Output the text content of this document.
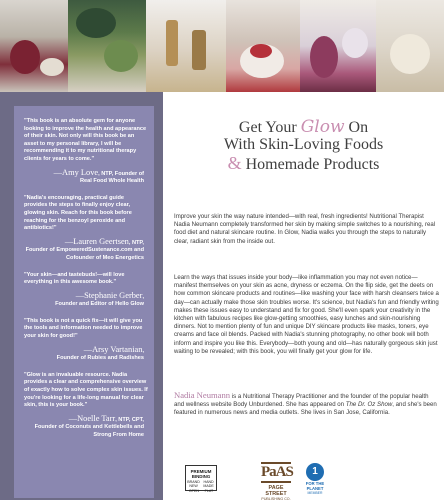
"This book is an absolute gem for anyone looking to improve the health and appearance of their skin. Not only will this book be an asset to my personal library, I will be recommending it to my nutritional therapy clients for years to come."
—Amy Love, NTP, Founder of
Real Food Whole Health
"Nadia's encouraging, practical guide provides the steps to finally enjoy clear, glowing skin. Reach for this book before reaching for the benzoyl peroxide and antibiotics!"
—Lauren Geertsen, NTP,
Founder of EmpoweredSustenance.com and Cofounder of Meo Energetics
"Your skin—and tastebuds!—will love everything in this awesome book."
—Stephanie Gerber,
Founder and Editor of Hello Glow
"This book is not a quick fix—it will give you the tools and information needed to improve your skin for good!"
—Arsy Vartanian,
Founder of Rubies and Radishes
"Glow is an invaluable resource. Nadia provides a clear and comprehensive overview of exactly how to solve complex skin issues. If you're looking for a life-long manual for clear skin, this is your book."
—Noelle Tarr, NTP, CPT,
Founder of Coconuts and Kettlebells and Strong From Home
Get Your Glow On
With Skin-Loving Foods
& Homemade Products
Improve your skin the way nature intended—with real, fresh ingredients! Nutritional Therapist Nadia Neumann completely transformed her skin by making simple switches to a nourishing, real food diet and natural skincare routine. In Glow, Nadia walks you through the steps to naturally clear, radiant skin from the inside out.
Learn the ways that issues inside your body—like inflammation you may not even notice—manifest themselves on your skin as acne, dryness or eczema. On the flip side, get the deets on how common skincare products and routines—like washing your face with harsh cleansers twice a day—can actually make those skin troubles worse. It's science, but Nadia's fun and friendly writing makes these issues easy to understand and fix for good. She'll even spark your creativity in the kitchen with fabulous recipes like glow-getting smoothies, easy lunches and skin-nourishing dinners. Not to mention plenty of fun and unique DIY skincare products like masks, toners, eye creams and face oil blends. Packed with Nadia's stunning photography, no other book will both inform and inspire you like this. Everybody—both young and old—has naturally gorgeous skin just waiting to be revealed; with this book, you will finally get your glow for life.
Nadia Neumann is a Nutritional Therapy Practitioner and the founder of the popular health and wellness website Body Unburdened. She has appeared on The Dr. Oz Show, and she's been featured in numerous news and media outlets. She lives in San Jose, California.
PREMIUM BINDING
BRAND NEW
HAND MADE
OPEN FLAT
PaAS
PAGE STREET
PUBLISHING CO.
1
FOR THE PLANET
MEMBER
